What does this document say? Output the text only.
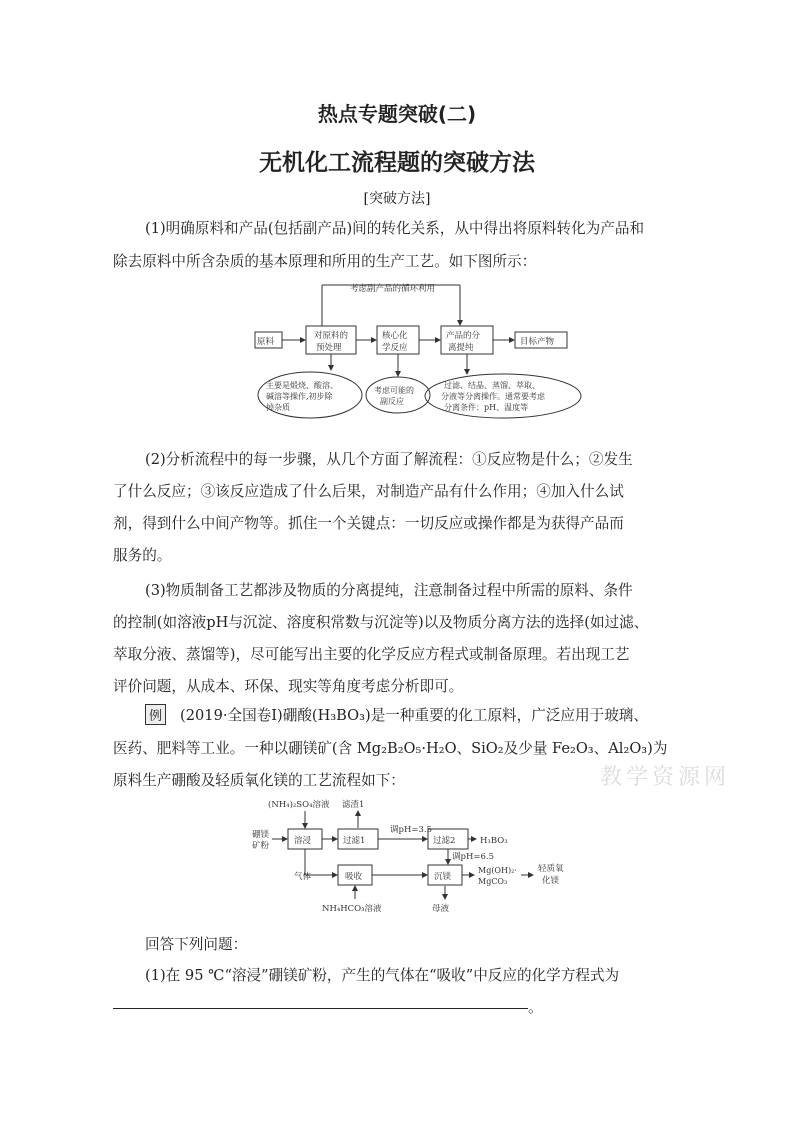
热点专题突破(二)
无机化工流程题的突破方法
[突破方法]
(1)明确原料和产品(包括副产品)间的转化关系，从中得出将原料转化为产品和
除去原料中所含杂质的基本原理和所用的生产工艺。如下图所示：
考虑副产品的循环利用
原料
对原料的
预处理
核心化
学反应
产品的分
离提纯
目标产物
主要是煅烧、酸溶、
碱溶等操作,初步除
掉杂质
考虑可能的
副反应
过滤、结晶、蒸馏、萃取、
分液等分离操作。通常要考虑
分离条件：pH、温度等
(2)分析流程中的每一步骤，从几个方面了解流程：①反应物是什么；②发生
了什么反应；③该反应造成了什么后果，对制造产品有什么作用；④加入什么试
剂，得到什么中间产物等。抓住一个关键点：一切反应或操作都是为获得产品而
服务的。
(3)物质制备工艺都涉及物质的分离提纯，注意制备过程中所需的原料、条件
的控制(如溶液pH与沉淀、溶度积常数与沉淀等)以及物质分离方法的选择(如过滤、
萃取分液、蒸馏等)，尽可能写出主要的化学反应方程式或制备原理。若出现工艺
评价问题，从成本、环保、现实等角度考虑分析即可。
例 (2019·全国卷Ⅰ)硼酸(H₃BO₃)是一种重要的化工原料，广泛应用于玻璃、
医药、肥料等工业。一种以硼镁矿(含 Mg₂B₂O₅·H₂O、SiO₂及少量 Fe₂O₃、Al₂O₃)为
原料生产硼酸及轻质氧化镁的工艺流程如下：	教学资源网
(NH₄)₂SO₄溶液 滤渣1
硼镁
矿粉	溶浸	过滤1
调pH=3.5
过滤2	H₃BO₃
调pH=6.5
气体	吸收	沉镁
Mg(OH)₂·
MgCO₃
轻质氧
化镁
NH₄HCO₃溶液	母液
回答下列问题：
(1)在 95 ℃“溶浸”硼镁矿粉，产生的气体在“吸收”中反应的化学方程式为
。
